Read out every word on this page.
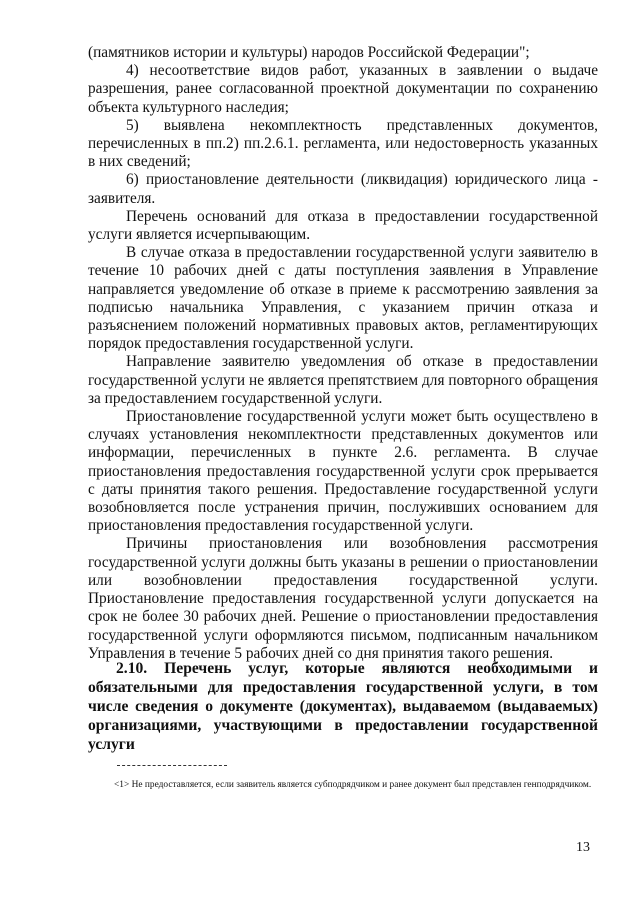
(памятников истории и культуры) народов Российской Федерации";

4) несоответствие видов работ, указанных в заявлении о выдаче разрешения, ранее согласованной проектной документации по сохранению объекта культурного наследия;

5) выявлена некомплектность представленных документов, перечисленных в пп.2) пп.2.6.1. регламента, или недостоверность указанных в них сведений;

6) приостановление деятельности (ликвидация) юридического лица - заявителя.

Перечень оснований для отказа в предоставлении государственной услуги является исчерпывающим.

В случае отказа в предоставлении государственной услуги заявителю в течение 10 рабочих дней с даты поступления заявления в Управление направляется уведомление об отказе в приеме к рассмотрению заявления за подписью начальника Управления, с указанием причин отказа и разъяснением положений нормативных правовых актов, регламентирующих порядок предоставления государственной услуги.

Направление заявителю уведомления об отказе в предоставлении государственной услуги не является препятствием для повторного обращения за предоставлением государственной услуги.

Приостановление государственной услуги может быть осуществлено в случаях установления некомплектности представленных документов или информации, перечисленных в пункте 2.6. регламента. В случае приостановления предоставления государственной услуги срок прерывается с даты принятия такого решения. Предоставление государственной услуги возобновляется после устранения причин, послуживших основанием для приостановления предоставления государственной услуги.

Причины приостановления или возобновления рассмотрения государственной услуги должны быть указаны в решении о приостановлении или возобновлении предоставления государственной услуги. Приостановление предоставления государственной услуги допускается на срок не более 30 рабочих дней. Решение о приостановлении предоставления государственной услуги оформляются письмом, подписанным начальником Управления в течение 5 рабочих дней со дня принятия такого решения.

2.10. Перечень услуг, которые являются необходимыми и обязательными для предоставления государственной услуги, в том числе сведения о документе (документах), выдаваемом (выдаваемых) организациями, участвующими в предоставлении государственной услуги

<1> Не предоставляется, если заявитель является субподрядчиком и ранее документ был представлен генподрядчиком.
13
